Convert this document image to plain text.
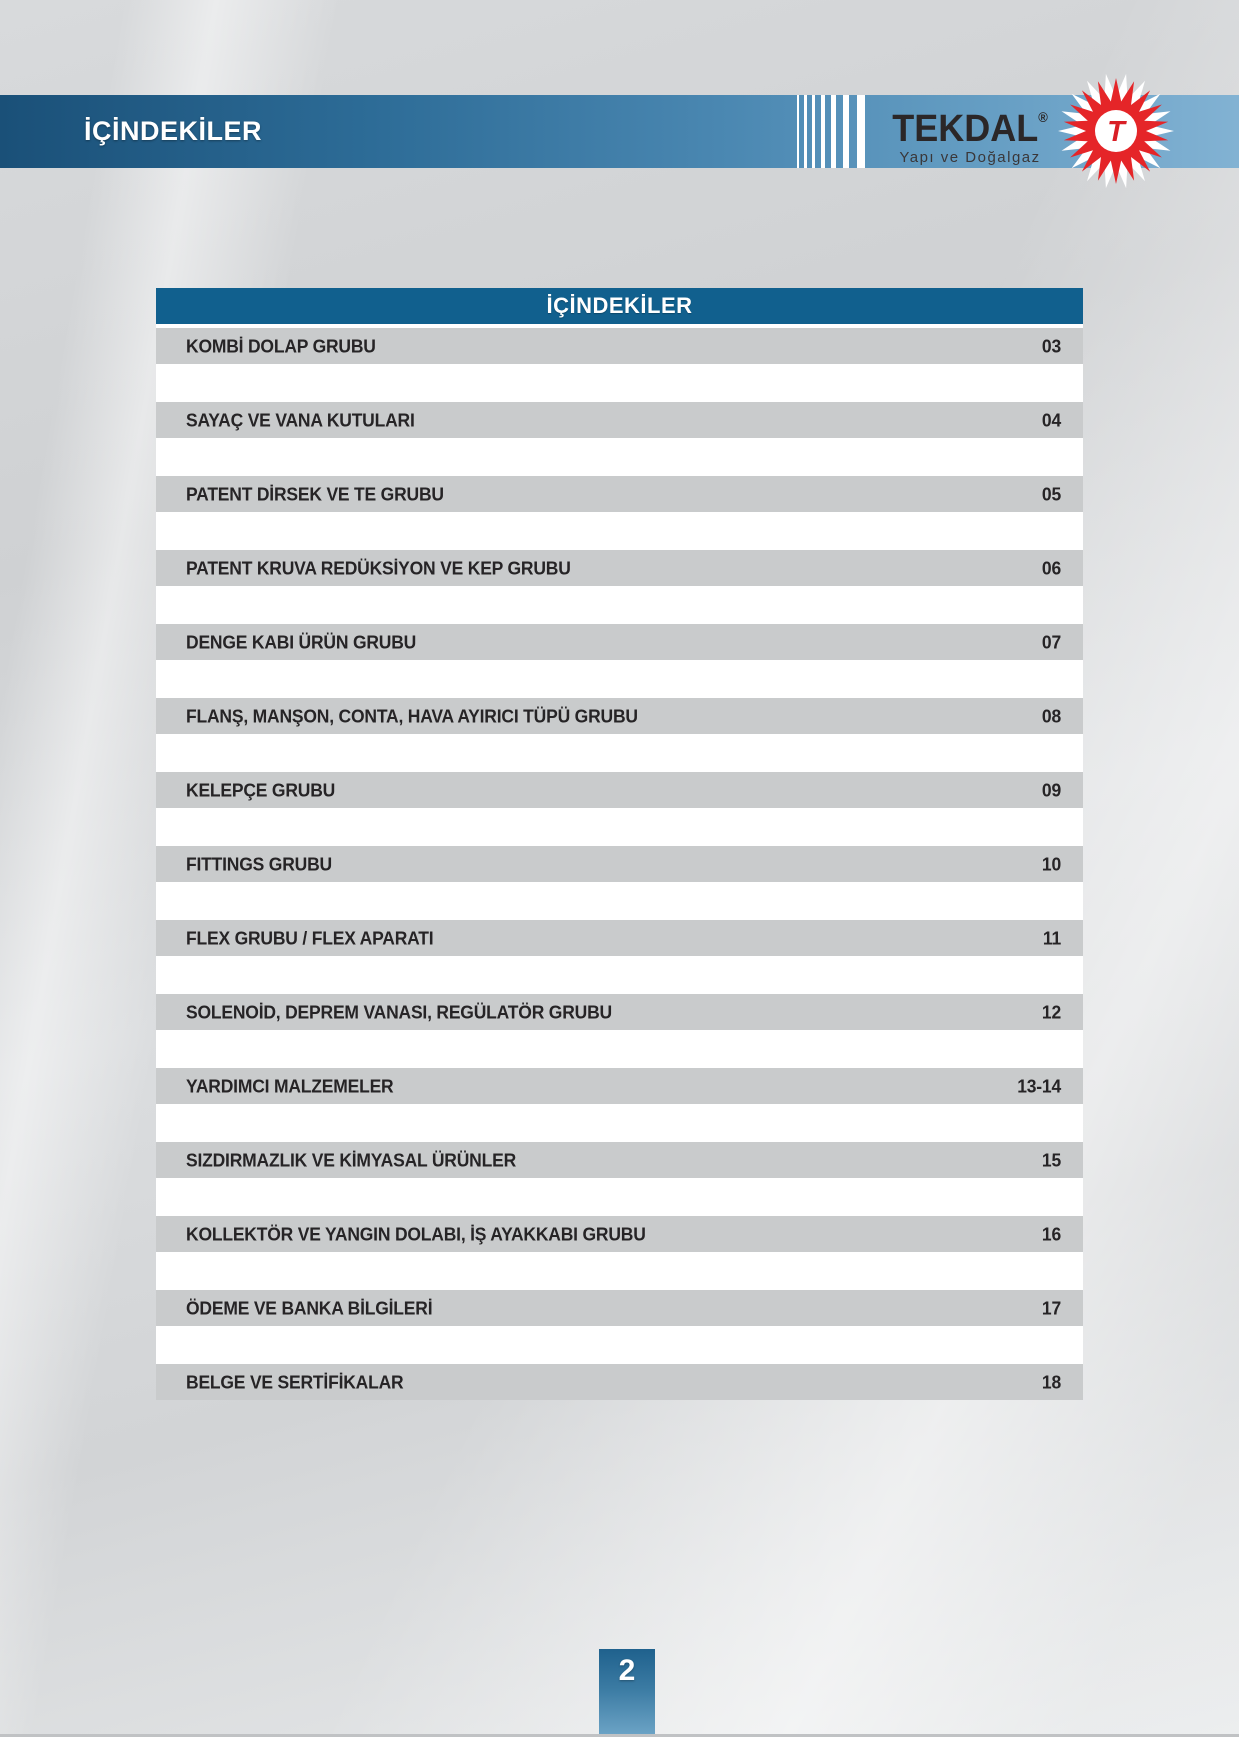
İÇİNDEKİLER	TEKDAL®
Yapı ve Doğalgaz
T
İÇİNDEKİLER
KOMBİ DOLAP GRUBU	03
SAYAÇ VE VANA KUTULARI	04
PATENT DİRSEK VE TE GRUBU	05
PATENT KRUVA REDÜKSİYON VE KEP GRUBU	06
DENGE KABI ÜRÜN GRUBU	07
FLANŞ, MANŞON, CONTA, HAVA AYIRICI TÜPÜ GRUBU	08
KELEPÇE GRUBU	09
FITTINGS GRUBU	10
FLEX GRUBU / FLEX APARATI	11
SOLENOİD, DEPREM VANASI, REGÜLATÖR GRUBU	12
YARDIMCI MALZEMELER	13-14
SIZDIRMAZLIK VE KİMYASAL ÜRÜNLER	15
KOLLEKTÖR VE YANGIN DOLABI, İŞ AYAKKABI GRUBU	16
ÖDEME VE BANKA BİLGİLERİ	17
BELGE VE SERTİFİKALAR	18
2
